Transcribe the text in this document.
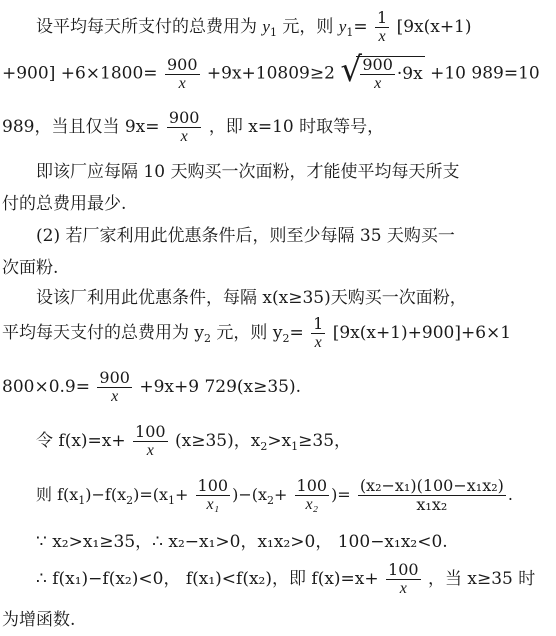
设平均每天所支付的总费用为 $y_1$ 元，则 $y_1= \frac{1}{x} [9x(x+1)$
$+900] +6\times 1800= \frac{900}{x} +9x+10809\ge 2$ √
$\frac{900}{x} \cdot 9x +10$ 989=10
989，当且仅当 $9x= \frac{900}{x}$ ，即 x=10 时取等号，
即该厂应每隔 10 天购买一次面粉，才能使平均每天所支
付的总费用最少.
(2) 若厂家利用此优惠条件后，则至少每隔 35 天购买一
次面粉.
设该厂利用此优惠条件，每隔 x(x≥35)天购买一次面粉，
平均每天支付的总费用为 $y_2$ 元，则 $y_2= \frac{1}{x} [9x(x+1)+900]+6\times 1$
$800\times 0.9= \frac{900}{x} +9x+9$ 729(x≥35).
令 $f(x)=x+ \frac{100}{x} (x\ge 35)$，$x_2>x_1\ge 35$，
则 $f(x_1)-f(x_2)=(x_1+ \frac{100}{\text{x₁}} )-(x_2+ \frac{100}{\text{x₂}}$ )= $\frac{\text{(x₂−x₁)(100−x₁x₂)}}{\text{x₁x₂}}$ .
∵ x₂>x₁≥35，∴ x₂−x₁>0，x₁x₂>0， 100−x₁x₂<0.
∴ f(x₁)−f(x₂)<0， f(x₁)<f(x₂)，即 $f(x)=x+ \frac{100}{x}$ ，当 x≥35 时
为增函数.
